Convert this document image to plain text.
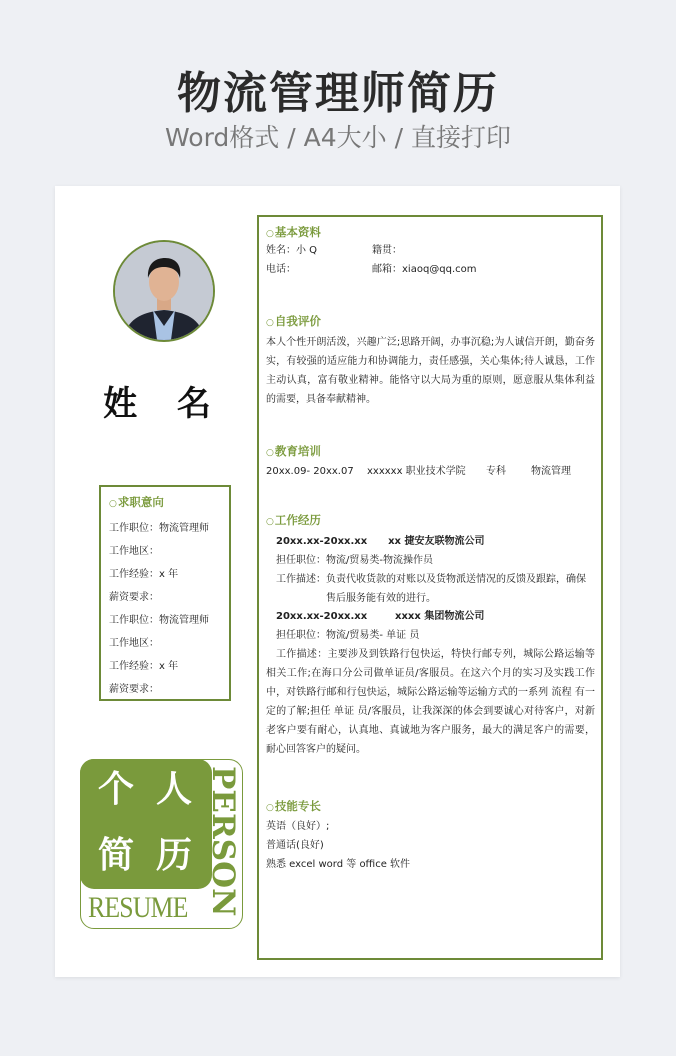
物流管理师简历
Word格式 / A4大小 / 直接打印
姓 名
○求职意向
工作职位：物流管理师
工作地区：
工作经验：x 年
薪资要求：
工作职位：物流管理师
工作地区：
工作经验：x 年
薪资要求：
个 人
简 历 PERSON
RESUME
○基本资料
姓名：小 Q	籍贯：
电话：	邮箱：xiaoq@qq.com
○自我评价
本人个性开朗活泼，兴趣广泛;思路开阔，办事沉稳;为人诚信开朗，勤奋务实，有较强的适应能力和协调能力，责任感强，关心集体;待人诚恳，工作主动认真，富有敬业精神。能恪守以大局为重的原则，愿意服从集体利益的需要，具备奉献精神。
○教育培训
20xx.09- 20xx.07 xxxxxx 职业技术学院 专科	物流管理
○工作经历
20xx.xx-20xx.xx      xx 捷安友联物流公司
担任职位：物流/贸易类-物流操作员
工作描述：负责代收货款的对账以及货物派送情况的反馈及跟踪，确保售后服务能有效的进行。
20xx.xx-20xx.xx        xxxx 集团物流公司
担任职位：物流/贸易类- 单证 员
工作描述：主要涉及到铁路行包快运，特快行邮专列，城际公路运输等相关工作;在海口分公司做单证员/客服员。在这六个月的实习及实践工作中，对铁路行邮和行包快运，城际公路运输等运输方式的一系列 流程 有一定的了解;担任 单证 员/客服员，让我深深的体会到要诚心对待客户，对新老客户要有耐心，认真地、真诚地为客户服务，最大的满足客户的需要，耐心回答客户的疑问。
○技能专长
英语（良好）;
普通话(良好)
熟悉 excel word 等 office 软件
